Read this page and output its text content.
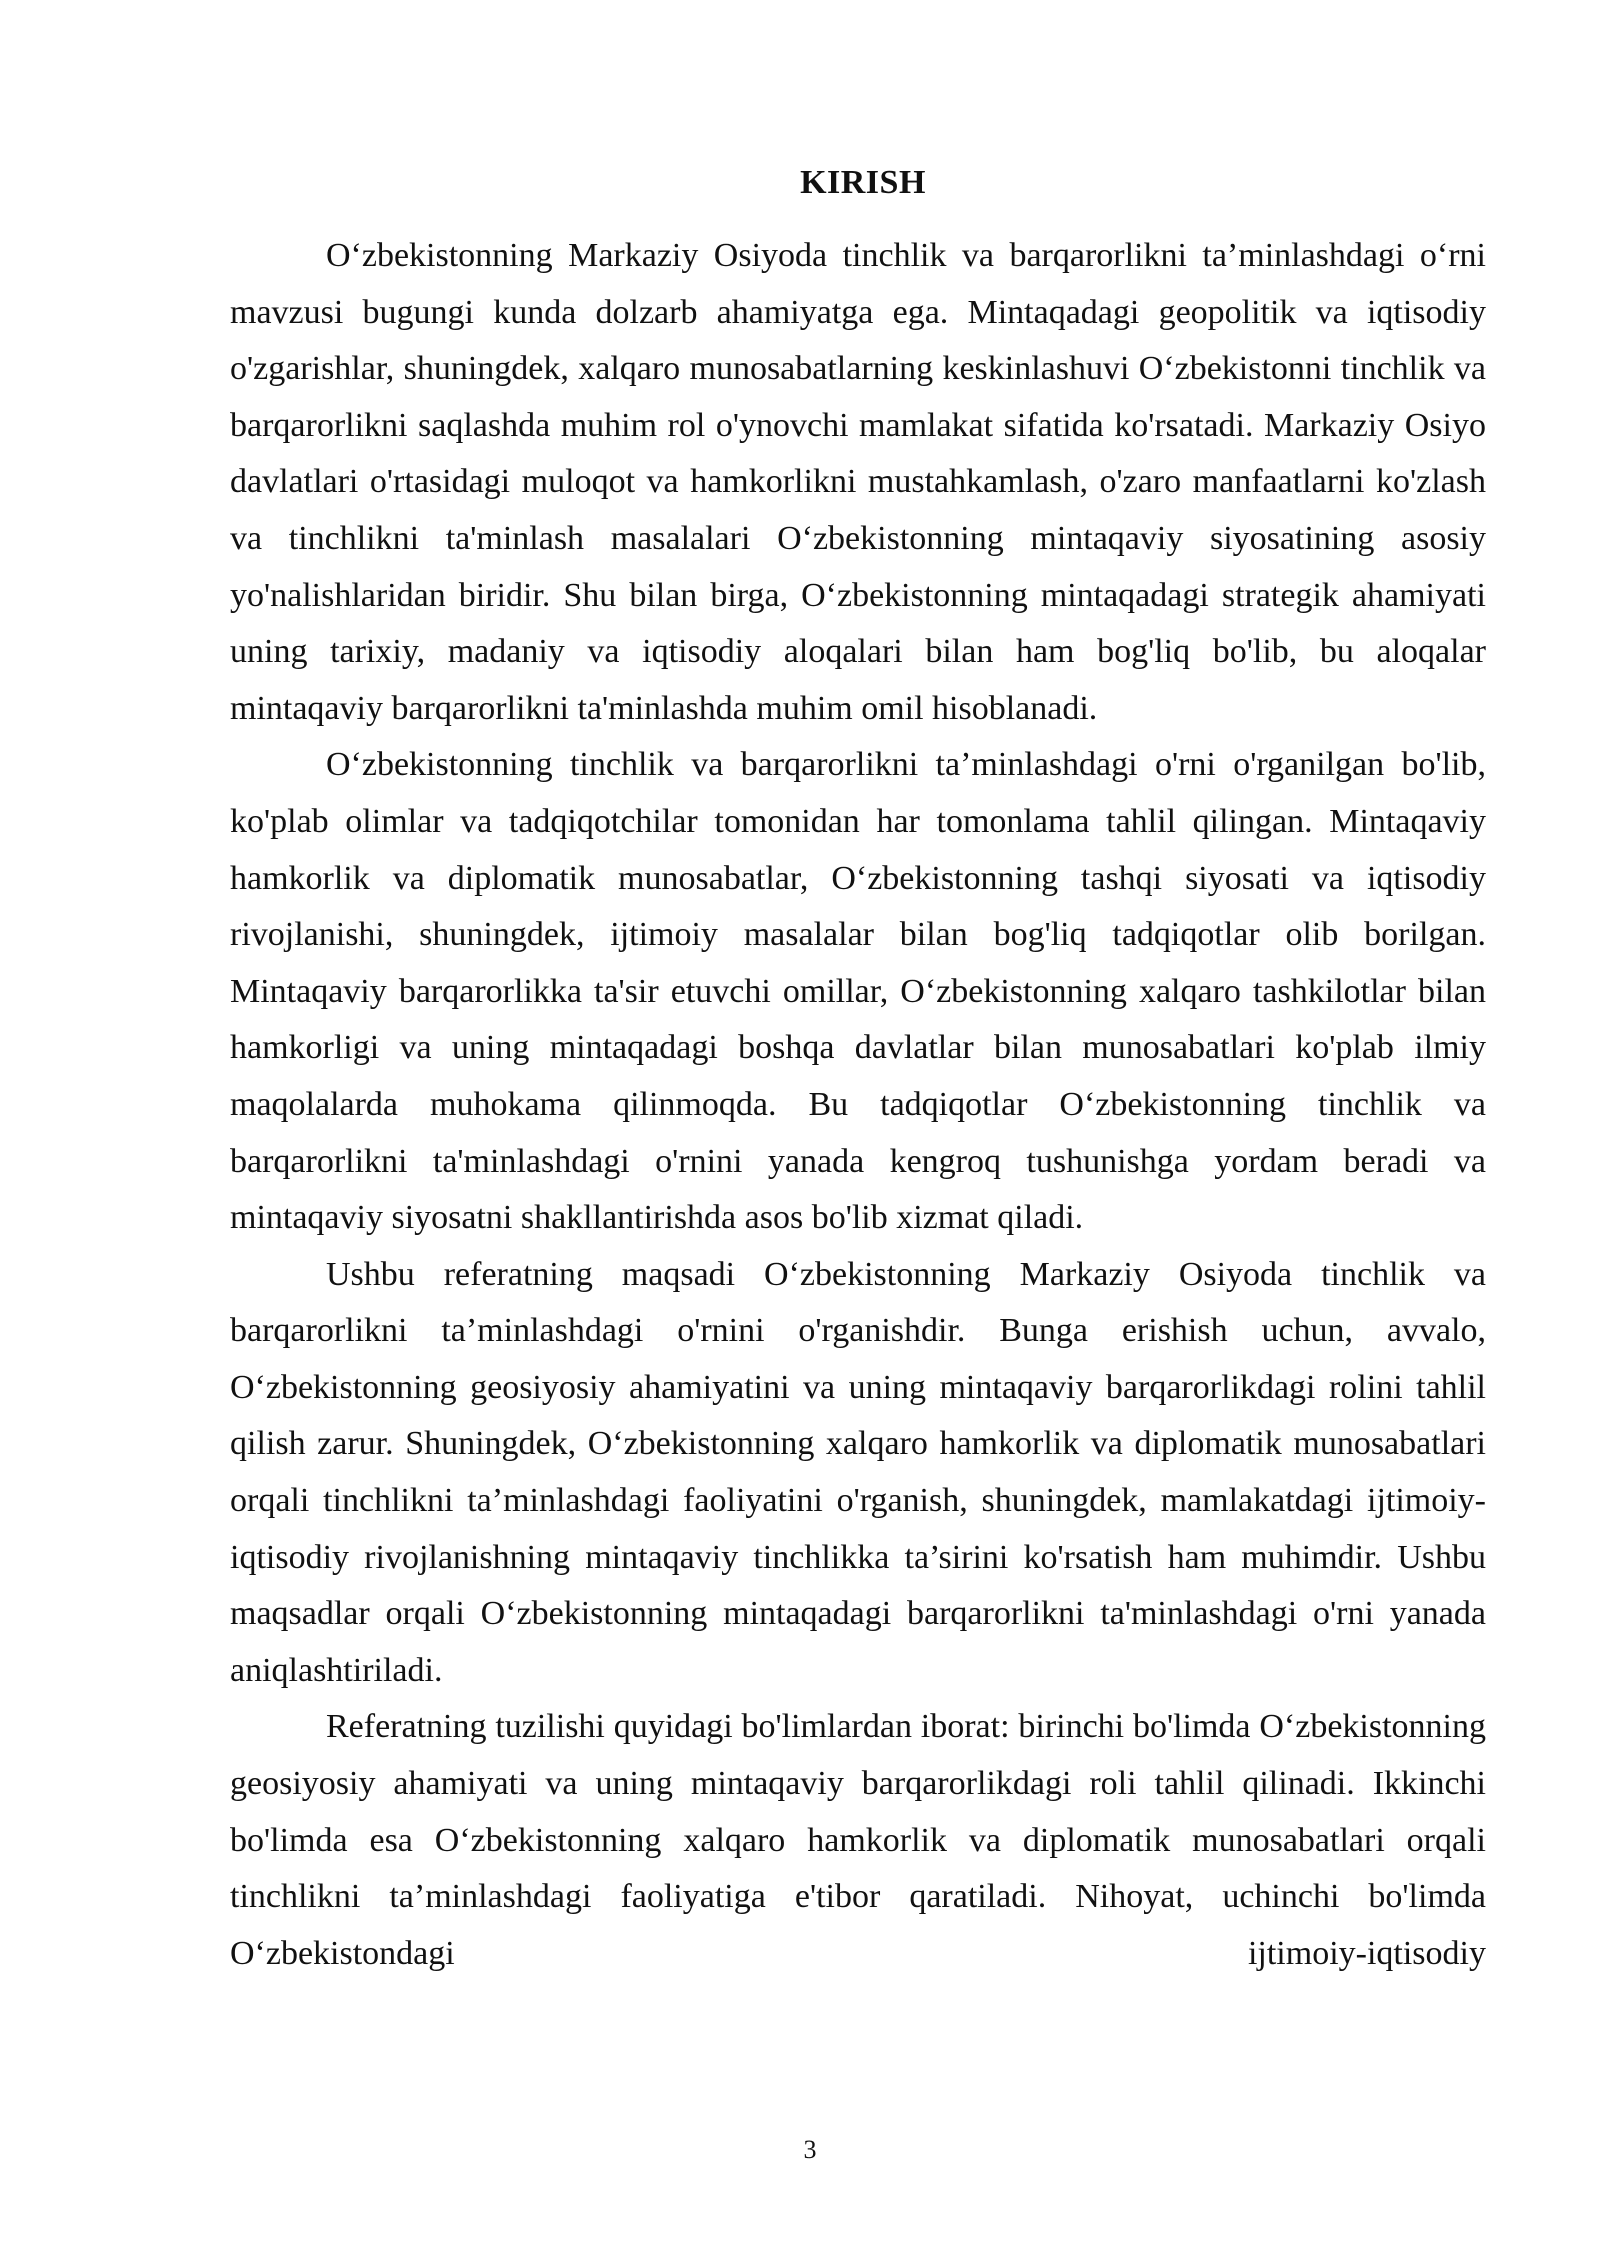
KIRISH

O‘zbekistonning Markaziy Osiyoda tinchlik va barqarorlikni ta’minlashdagi o‘rni mavzusi bugungi kunda dolzarb ahamiyatga ega. Mintaqadagi geopolitik va iqtisodiy o'zgarishlar, shuningdek, xalqaro munosabatlarning keskinlashuvi O‘zbekistonni tinchlik va barqarorlikni saqlashda muhim rol o'ynovchi mamlakat sifatida ko'rsatadi. Markaziy Osiyo davlatlari o'rtasidagi muloqot va hamkorlikni mustahkamlash, o'zaro manfaatlarni ko'zlash va tinchlikni ta'minlash masalalari O‘zbekistonning mintaqaviy siyosatining asosiy yo'nalishlaridan biridir. Shu bilan birga, O‘zbekistonning mintaqadagi strategik ahamiyati uning tarixiy, madaniy va iqtisodiy aloqalari bilan ham bog'liq bo'lib, bu aloqalar mintaqaviy barqarorlikni ta'minlashda muhim omil hisoblanadi.

O‘zbekistonning tinchlik va barqarorlikni ta’minlashdagi o'rni o'rganilgan bo'lib, ko'plab olimlar va tadqiqotchilar tomonidan har tomonlama tahlil qilingan. Mintaqaviy hamkorlik va diplomatik munosabatlar, O‘zbekistonning tashqi siyosati va iqtisodiy rivojlanishi, shuningdek, ijtimoiy masalalar bilan bog'liq tadqiqotlar olib borilgan. Mintaqaviy barqarorlikka ta'sir etuvchi omillar, O‘zbekistonning xalqaro tashkilotlar bilan hamkorligi va uning mintaqadagi boshqa davlatlar bilan munosabatlari ko'plab ilmiy maqolalarda muhokama qilinmoqda. Bu tadqiqotlar O‘zbekistonning tinchlik va barqarorlikni ta'minlashdagi o'rnini yanada kengroq tushunishga yordam beradi va mintaqaviy siyosatni shakllantirishda asos bo'lib xizmat qiladi.

Ushbu referatning maqsadi O‘zbekistonning Markaziy Osiyoda tinchlik va barqarorlikni ta’minlashdagi o'rnini o'rganishdir. Bunga erishish uchun, avvalo, O‘zbekistonning geosiyosiy ahamiyatini va uning mintaqaviy barqarorlikdagi rolini tahlil qilish zarur. Shuningdek, O‘zbekistonning xalqaro hamkorlik va diplomatik munosabatlari orqali tinchlikni ta’minlashdagi faoliyatini o'rganish, shuningdek, mamlakatdagi ijtimoiy-iqtisodiy rivojlanishning mintaqaviy tinchlikka ta’sirini ko'rsatish ham muhimdir. Ushbu maqsadlar orqali O‘zbekistonning mintaqadagi barqarorlikni ta'minlashdagi o'rni yanada aniqlashtiriladi.

Referatning tuzilishi quyidagi bo'limlardan iborat: birinchi bo'limda O‘zbekistonning geosiyosiy ahamiyati va uning mintaqaviy barqarorlikdagi roli tahlil qilinadi. Ikkinchi bo'limda esa O‘zbekistonning xalqaro hamkorlik va diplomatik munosabatlari orqali tinchlikni ta’minlashdagi faoliyatiga e'tibor qaratiladi. Nihoyat, uchinchi bo'limda O‘zbekistondagi ijtimoiy-iqtisodiy

3
